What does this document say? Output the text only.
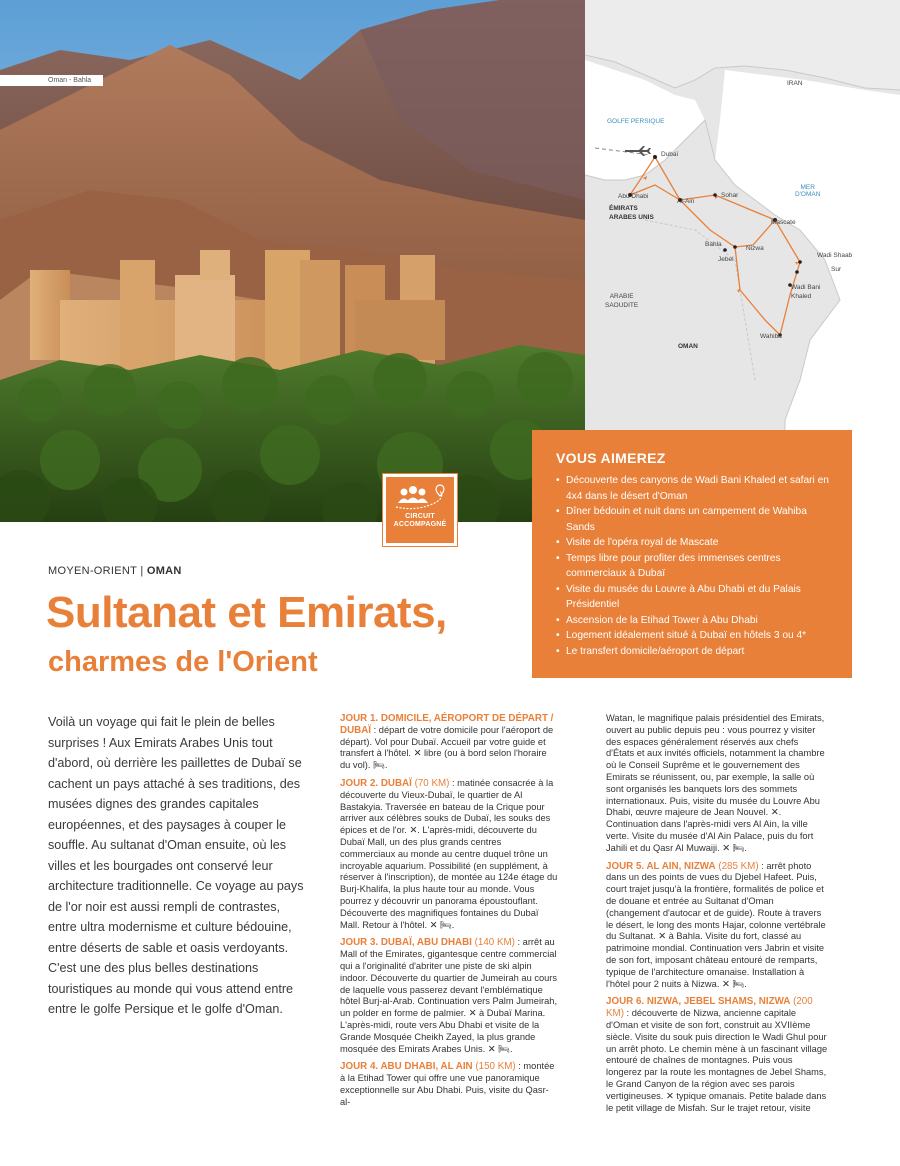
Oman - Bahla	IRAN
GOLFE PERSIQUE
MER
D'OMAN
Dubaï
Abu Dhabi
ÉMIRATS
ARABES UNIS
Al-Ain
Sohar
Mascate
Wadi Shaab
Sur
Wadi Bani
Khaled
Bahla
Nizwa
Jebel
ARABIE
SAOUDITE
OMAN
Wahiba
CIRCUIT
ACCOMPAGNÉ
VOUS AIMEREZ
• Découverte des canyons de Wadi Bani Khaled et safari en 4x4 dans le désert d'Oman
• Dîner bédouin et nuit dans un campement de Wahiba Sands
• Visite de l'opéra royal de Mascate
• Temps libre pour profiter des immenses centres commerciaux à Dubaï
• Visite du musée du Louvre à Abu Dhabi et du Palais Présidentiel
• Ascension de la Etihad Tower à Abu Dhabi
• Logement idéalement situé à Dubaï en hôtels 3 ou 4*
• Le transfert domicile/aéroport de départ
MOYEN-ORIENT | OMAN
Sultanat et Emirats,
charmes de l'Orient

Voilà un voyage qui fait le plein de belles surprises ! Aux Emirats Arabes Unis tout d'abord, où derrière les paillettes de Dubaï se cachent un pays attaché à ses traditions, des musées dignes des grandes capitales européennes, et des paysages à couper le souffle. Au sultanat d'Oman ensuite, où les villes et les bourgades ont conservé leur architecture traditionnelle. Ce voyage au pays de l'or noir est aussi rempli de contrastes, entre ultra modernisme et culture bédouine, entre déserts de sable et oasis verdoyants. C'est une des plus belles destinations touristiques au monde qui vous attend entre entre le golfe Persique et le golfe d'Oman.

JOUR 1. DOMICILE, AÉROPORT DE DÉPART / DUBAÏ : départ de votre domicile pour l'aéroport de départ). Vol pour Dubaï. Accueil par votre guide et transfert à l'hôtel. ✕ libre (ou à bord selon l'horaire du vol). 🛏.

JOUR 2. DUBAÏ (70 KM) : matinée consacrée à la découverte du Vieux-Dubaï, le quartier de Al Bastakyia. Traversée en bateau de la Crique pour arriver aux célèbres souks de Dubaï, les souks des épices et de l'or. ✕. L'après-midi, découverte du Dubaï Mall, un des plus grands centres commerciaux au monde au centre duquel trône un incroyable aquarium. Possibilité (en supplément, à réserver à l'inscription), de montée au 124e étage du Burj-Khalifa, la plus haute tour au monde. Vous pourrez y découvrir un panorama époustouflant. Découverte des magnifiques fontaines du Dubaï Mall. Retour à l'hôtel. ✕ 🛏.

JOUR 3. DUBAÏ, ABU DHABI (140 KM) : arrêt au Mall of the Emirates, gigantesque centre commercial qui a l'originalité d'abriter une piste de ski alpin indoor. Découverte du quartier de Jumeirah au cours de laquelle vous passerez devant l'emblématique hôtel Burj-al-Arab. Continuation vers Palm Jumeirah, un polder en forme de palmier. ✕ à Dubaï Marina. L'après-midi, route vers Abu Dhabi et visite de la Grande Mosquée Cheikh Zayed, la plus grande mosquée des Emirats Arabes Unis. ✕ 🛏.

JOUR 4. ABU DHABI, AL AIN (150 KM) : montée à la Etihad Tower qui offre une vue panoramique exceptionnelle sur Abu Dhabi. Puis, visite du Qasr-al-

Watan, le magnifique palais présidentiel des Emirats, ouvert au public depuis peu : vous pourrez y visiter des espaces généralement réservés aux chefs d'États et aux invités officiels, notamment la chambre où le Conseil Suprême et le gouvernement des Emirats se réunissent, ou, par exemple, la salle où sont organisés les banquets lors des sommets internationaux. Puis, visite du musée du Louvre Abu Dhabi, œuvre majeure de Jean Nouvel. ✕. Continuation dans l'après-midi vers Al Ain, la ville verte. Visite du musée d'Al Ain Palace, puis du fort Jahili et du Qasr Al Muwaiji. ✕ 🛏.

JOUR 5. AL AIN, NIZWA (285 KM) : arrêt photo dans un des points de vues du Djebel Hafeet. Puis, court trajet jusqu'à la frontière, formalités de police et de douane et entrée au Sultanat d'Oman (changement d'autocar et de guide). Route à travers le désert, le long des monts Hajar, colonne vertébrale du Sultanat. ✕ à Bahla. Visite du fort, classé au patrimoine mondial. Continuation vers Jabrin et visite de son fort, imposant château entouré de remparts, typique de l'architecture omanaise. Installation à l'hôtel pour 2 nuits à Nizwa. ✕ 🛏.

JOUR 6. NIZWA, JEBEL SHAMS, NIZWA (200 KM) : découverte de Nizwa, ancienne capitale d'Oman et visite de son fort, construit au XVIIème siècle. Visite du souk puis direction le Wadi Ghul pour un arrêt photo. Le chemin mène à un fascinant village entouré de chaînes de montagnes. Puis vous longerez par la route les montagnes de Jebel Shams, le Grand Canyon de la région avec ses parois vertigineuses. ✕ typique omanais. Petite balade dans le petit village de Misfah. Sur le trajet retour, visite
